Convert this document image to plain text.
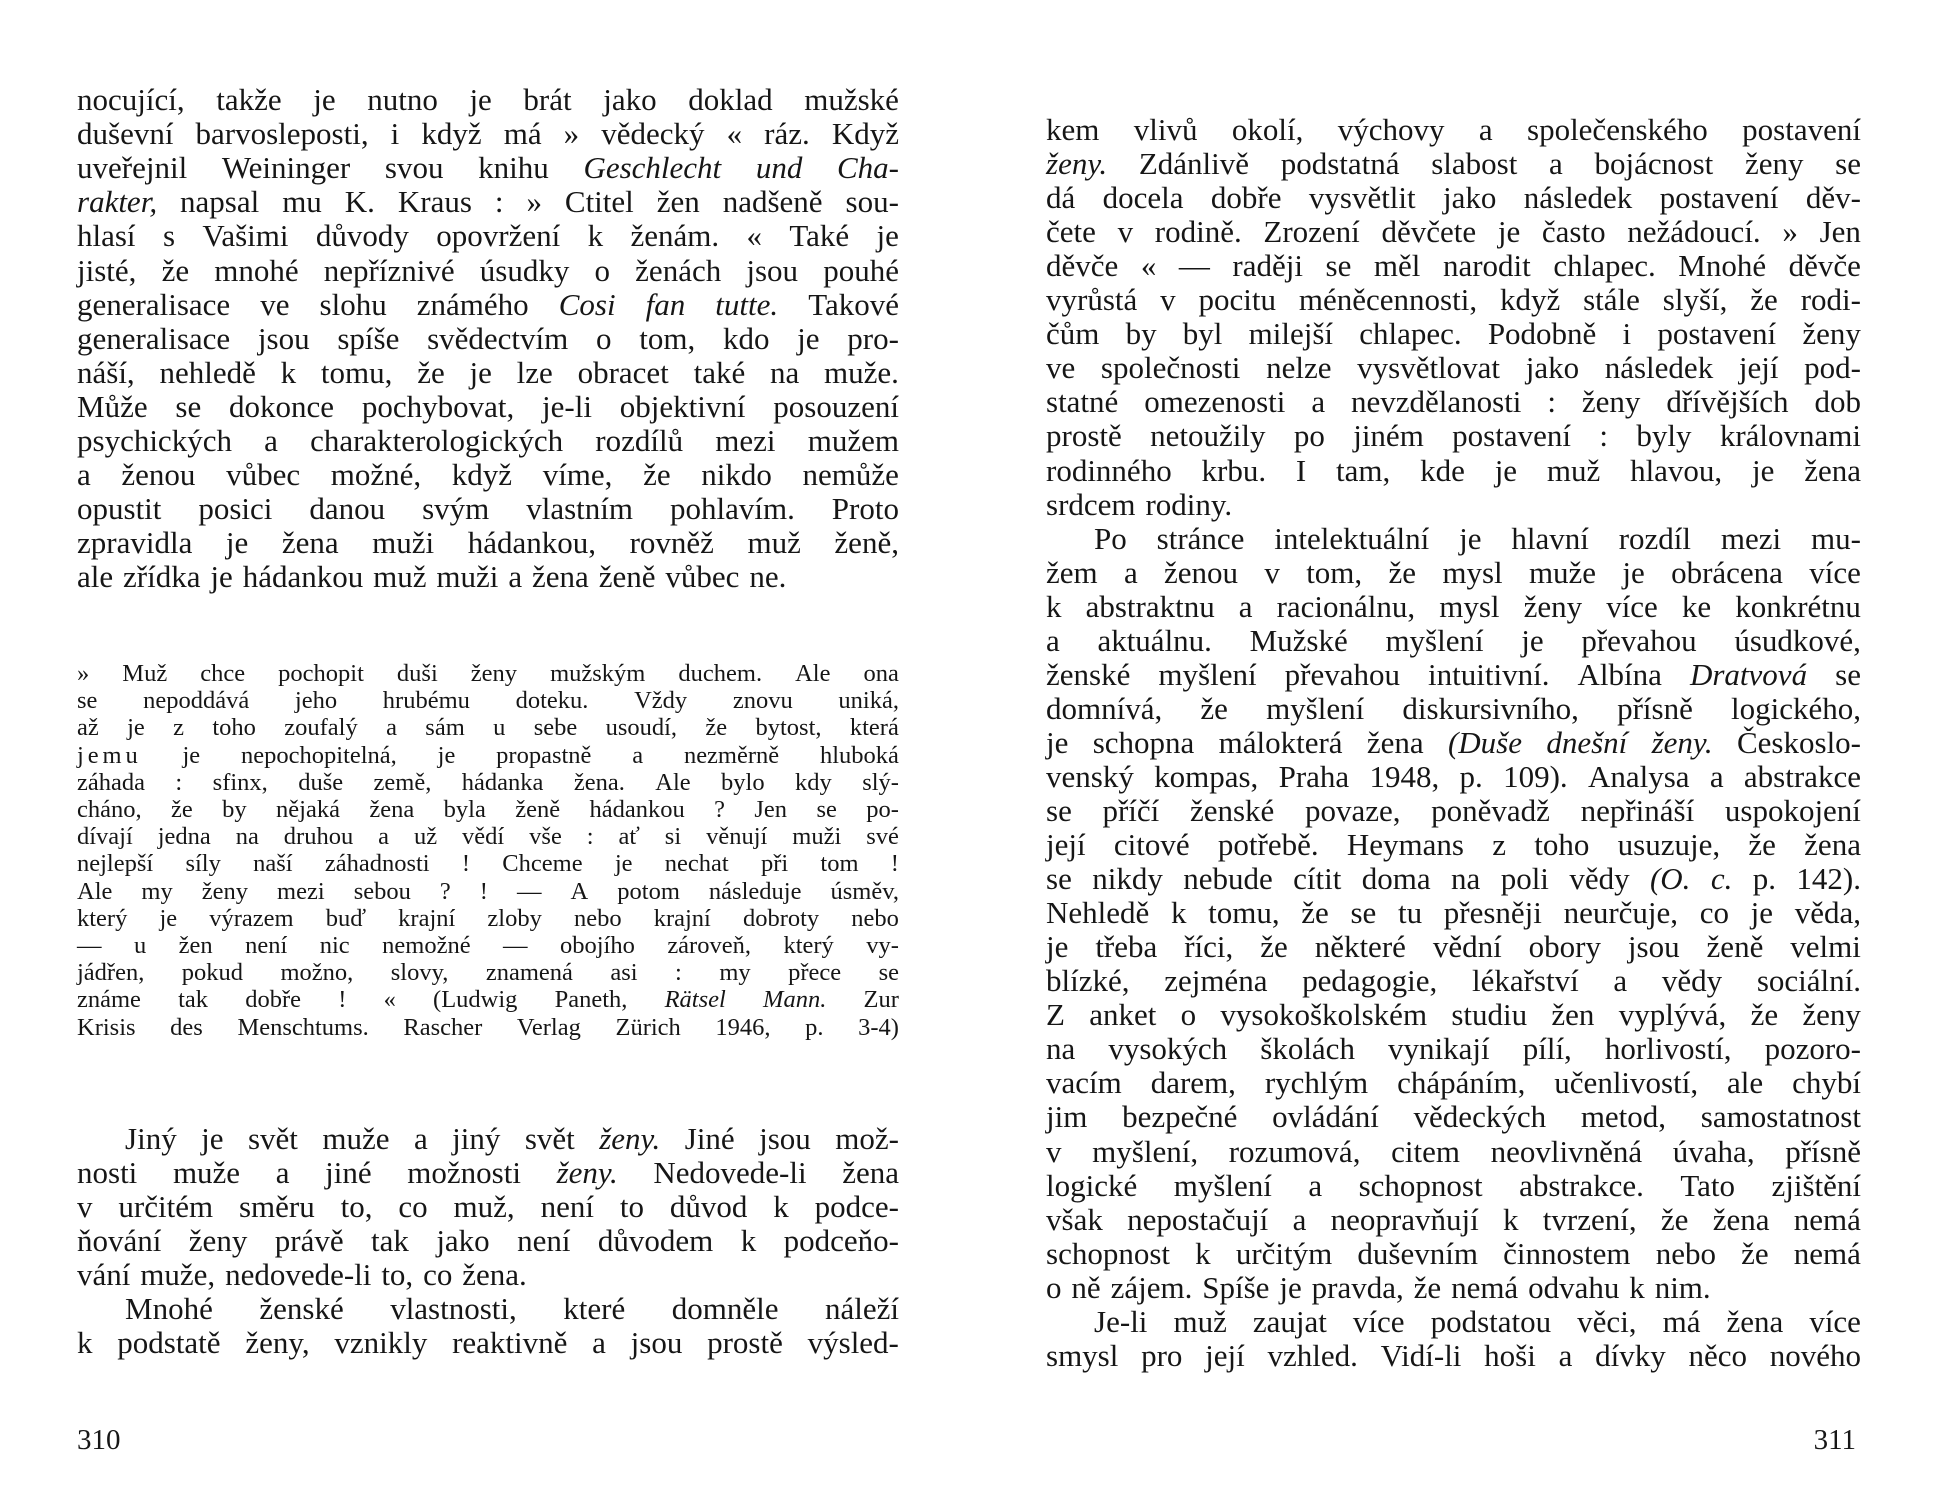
nocující, takže je nutno je brát jako doklad mužské
duševní barvosleposti, i když má » vědecký « ráz. Když
uveřejnil Weininger svou knihu Geschlecht und Cha-
rakter, napsal mu K. Kraus : » Ctitel žen nadšeně sou-
hlasí s Vašimi důvody opovržení k ženám. « Také je
jisté, že mnohé nepříznivé úsudky o ženách jsou pouhé
generalisace ve slohu známého Cosi fan tutte. Takové
generalisace jsou spíše svědectvím o tom, kdo je pro-
náší, nehledě k tomu, že je lze obracet také na muže.
Může se dokonce pochybovat, je-li objektivní posouzení
psychických a charakterologických rozdílů mezi mužem
a ženou vůbec možné, když víme, že nikdo nemůže
opustit posici danou svým vlastním pohlavím. Proto
zpravidla je žena muži hádankou, rovněž muž ženě,
ale zřídka je hádankou muž muži a žena ženě vůbec ne.
» Muž chce pochopit duši ženy mužským duchem. Ale ona
se nepoddává jeho hrubému doteku. Vždy znovu uniká,
až je z toho zoufalý a sám u sebe usoudí, že bytost, která
jemu je nepochopitelná, je propastně a nezměrně hluboká
záhada : sfinx, duše země, hádanka žena. Ale bylo kdy slý-
cháno, že by nějaká žena byla ženě hádankou ? Jen se po-
dívají jedna na druhou a už vědí vše : ať si věnují muži své
nejlepší síly naší záhadnosti ! Chceme je nechat při tom !
Ale my ženy mezi sebou ? ! — A potom následuje úsměv,
který je výrazem buď krajní zloby nebo krajní dobroty nebo
— u žen není nic nemožné — obojího zároveň, který vy-
jádřen, pokud možno, slovy, znamená asi : my přece se
známe tak dobře ! « (Ludwig Paneth, Rätsel Mann. Zur
Krisis des Menschtums. Rascher Verlag Zürich 1946, p. 3-4)
Jiný je svět muže a jiný svět ženy. Jiné jsou mož-
nosti muže a jiné možnosti ženy. Nedovede-li žena
v určitém směru to, co muž, není to důvod k podce-
ňování ženy právě tak jako není důvodem k podceňo-
vání muže, nedovede-li to, co žena.
Mnohé ženské vlastnosti, které domněle náleží
k podstatě ženy, vznikly reaktivně a jsou prostě výsled-
310
kem vlivů okolí, výchovy a společenského postavení
ženy. Zdánlivě podstatná slabost a bojácnost ženy se
dá docela dobře vysvětlit jako následek postavení děv-
čete v rodině. Zrození děvčete je často nežádoucí. » Jen
děvče « — raději se měl narodit chlapec. Mnohé děvče
vyrůstá v pocitu méněcennosti, když stále slyší, že rodi-
čům by byl milejší chlapec. Podobně i postavení ženy
ve společnosti nelze vysvětlovat jako následek její pod-
statné omezenosti a nevzdělanosti : ženy dřívějších dob
prostě netoužily po jiném postavení : byly královnami
rodinného krbu. I tam, kde je muž hlavou, je žena
srdcem rodiny.
Po stránce intelektuální je hlavní rozdíl mezi mu-
žem a ženou v tom, že mysl muže je obrácena více
k abstraktnu a racionálnu, mysl ženy více ke konkrétnu
a aktuálnu. Mužské myšlení je převahou úsudkové,
ženské myšlení převahou intuitivní. Albína Dratvová se
domnívá, že myšlení diskursivního, přísně logického,
je schopna málokterá žena (Duše dnešní ženy. Českoslo-
venský kompas, Praha 1948, p. 109). Analysa a abstrakce
se příčí ženské povaze, poněvadž nepřináší uspokojení
její citové potřebě. Heymans z toho usuzuje, že žena
se nikdy nebude cítit doma na poli vědy (O. c. p. 142).
Nehledě k tomu, že se tu přesněji neurčuje, co je věda,
je třeba říci, že některé vědní obory jsou ženě velmi
blízké, zejména pedagogie, lékařství a vědy sociální.
Z anket o vysokoškolském studiu žen vyplývá, že ženy
na vysokých školách vynikají pílí, horlivostí, pozoro-
vacím darem, rychlým chápáním, učenlivostí, ale chybí
jim bezpečné ovládání vědeckých metod, samostatnost
v myšlení, rozumová, citem neovlivněná úvaha, přísně
logické myšlení a schopnost abstrakce. Tato zjištění
však nepostačují a neopravňují k tvrzení, že žena nemá
schopnost k určitým duševním činnostem nebo že nemá
o ně zájem. Spíše je pravda, že nemá odvahu k nim.
Je-li muž zaujat více podstatou věci, má žena více
smysl pro její vzhled. Vidí-li hoši a dívky něco nového
311
